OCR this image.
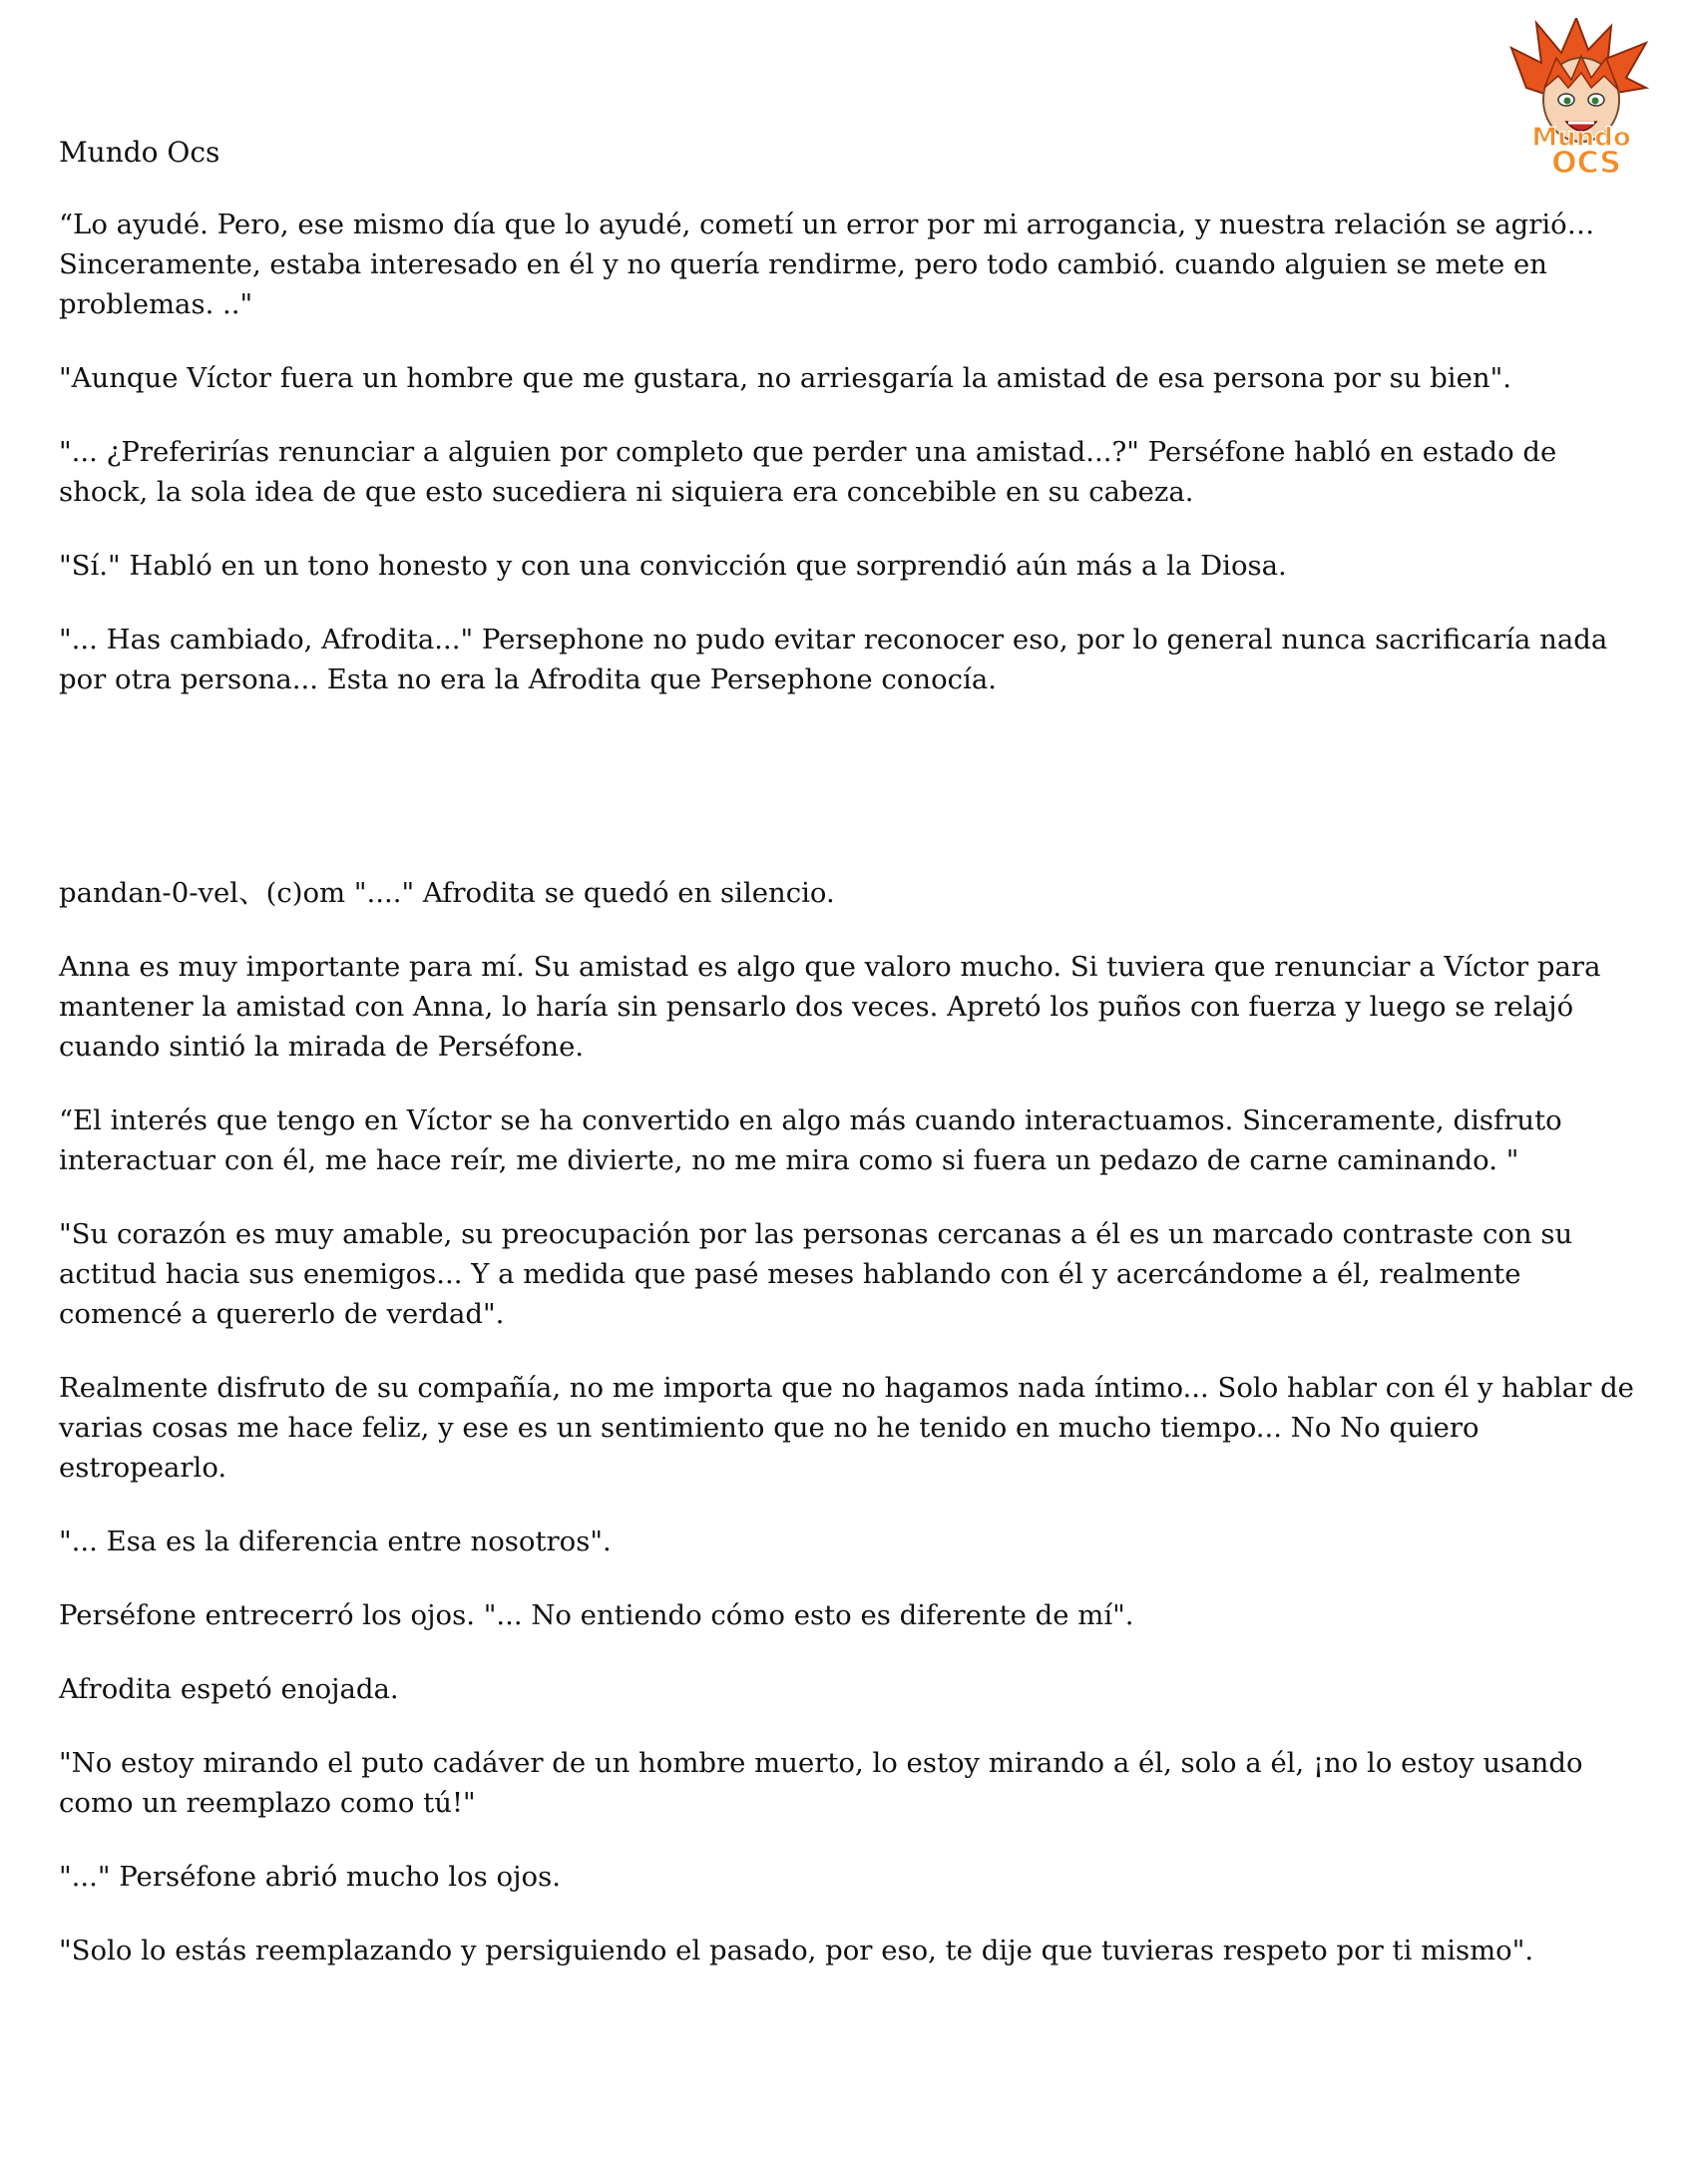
Mundo
OCS

Mundo Ocs

“Lo ayudé. Pero, ese mismo día que lo ayudé, cometí un error por mi arrogancia, y nuestra relación se agrió… Sinceramente, estaba interesado en él y no quería rendirme, pero todo cambió. cuando alguien se mete en problemas. .."

"Aunque Víctor fuera un hombre que me gustara, no arriesgaría la amistad de esa persona por su bien".

"... ¿Preferirías renunciar a alguien por completo que perder una amistad...?" Perséfone habló en estado de shock, la sola idea de que esto sucediera ni siquiera era concebible en su cabeza.

"Sí." Habló en un tono honesto y con una convicción que sorprendió aún más a la Diosa.

"... Has cambiado, Afrodita..." Persephone no pudo evitar reconocer eso, por lo general nunca sacrificaría nada por otra persona... Esta no era la Afrodita que Persephone conocía.

pandan-0-vel、(c)om "...." Afrodita se quedó en silencio.

Anna es muy importante para mí. Su amistad es algo que valoro mucho. Si tuviera que renunciar a Víctor para mantener la amistad con Anna, lo haría sin pensarlo dos veces. Apretó los puños con fuerza y luego se relajó cuando sintió la mirada de Perséfone.

“El interés que tengo en Víctor se ha convertido en algo más cuando interactuamos. Sinceramente, disfruto interactuar con él, me hace reír, me divierte, no me mira como si fuera un pedazo de carne caminando. "

"Su corazón es muy amable, su preocupación por las personas cercanas a él es un marcado contraste con su actitud hacia sus enemigos... Y a medida que pasé meses hablando con él y acercándome a él, realmente comencé a quererlo de verdad".

Realmente disfruto de su compañía, no me importa que no hagamos nada íntimo... Solo hablar con él y hablar de varias cosas me hace feliz, y ese es un sentimiento que no he tenido en mucho tiempo... No No quiero estropearlo.

"... Esa es la diferencia entre nosotros".

Perséfone entrecerró los ojos. "... No entiendo cómo esto es diferente de mí".

Afrodita espetó enojada.

"No estoy mirando el puto cadáver de un hombre muerto, lo estoy mirando a él, solo a él, ¡no lo estoy usando como un reemplazo como tú!"

"..." Perséfone abrió mucho los ojos.

"Solo lo estás reemplazando y persiguiendo el pasado, por eso, te dije que tuvieras respeto por ti mismo".
